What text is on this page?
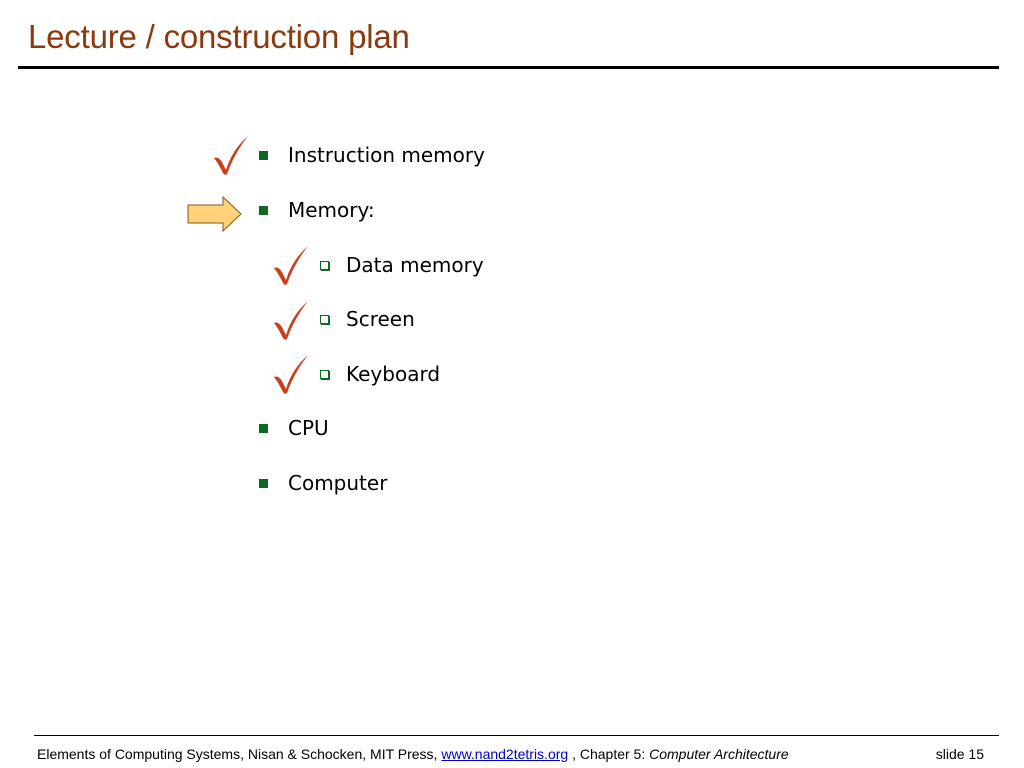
Lecture / construction plan
Instruction memory
Memory:
Data memory
Screen
Keyboard
CPU
Computer
Elements of Computing Systems, Nisan & Schocken, MIT Press, www.nand2tetris.org , Chapter 5: Computer Architecture	slide 15
